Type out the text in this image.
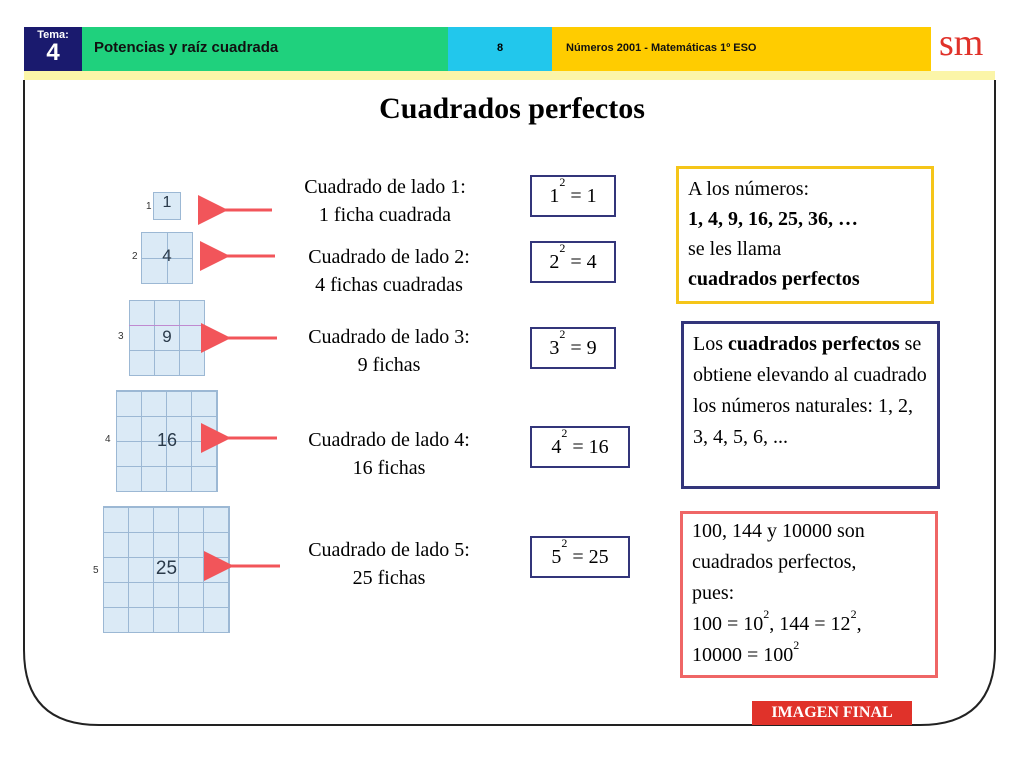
Tema:
4	Potencias y raíz cuadrada	8	Números 2001 - Matemáticas 1º ESO	sm
Cuadrados perfectos
1 1
2	4
3	9
4	16
5	25
Cuadrado de lado 1:
1 ficha cuadrada
Cuadrado de lado 2:
4 fichas cuadradas
Cuadrado de lado 3:
9 fichas
Cuadrado de lado 4:
16 fichas
Cuadrado de lado 5:
25 fichas
$1^2 = 1$
$2^2 = 4$
$3^2 = 9$
$4^2 = 16$
$5^2 = 25$
A los números:
1, 4, 9, 16, 25, 36, …
se les llama
cuadrados perfectos
Los cuadrados perfectos se obtiene elevando al cuadrado los números naturales: 1, 2, 3, 4, 5, 6, ...
100, 144 y 10000 son
cuadrados perfectos,
pues:
$100 = 10^2$, $144 = 12^2$,
$10000 = 100^2$
IMAGEN FINAL
